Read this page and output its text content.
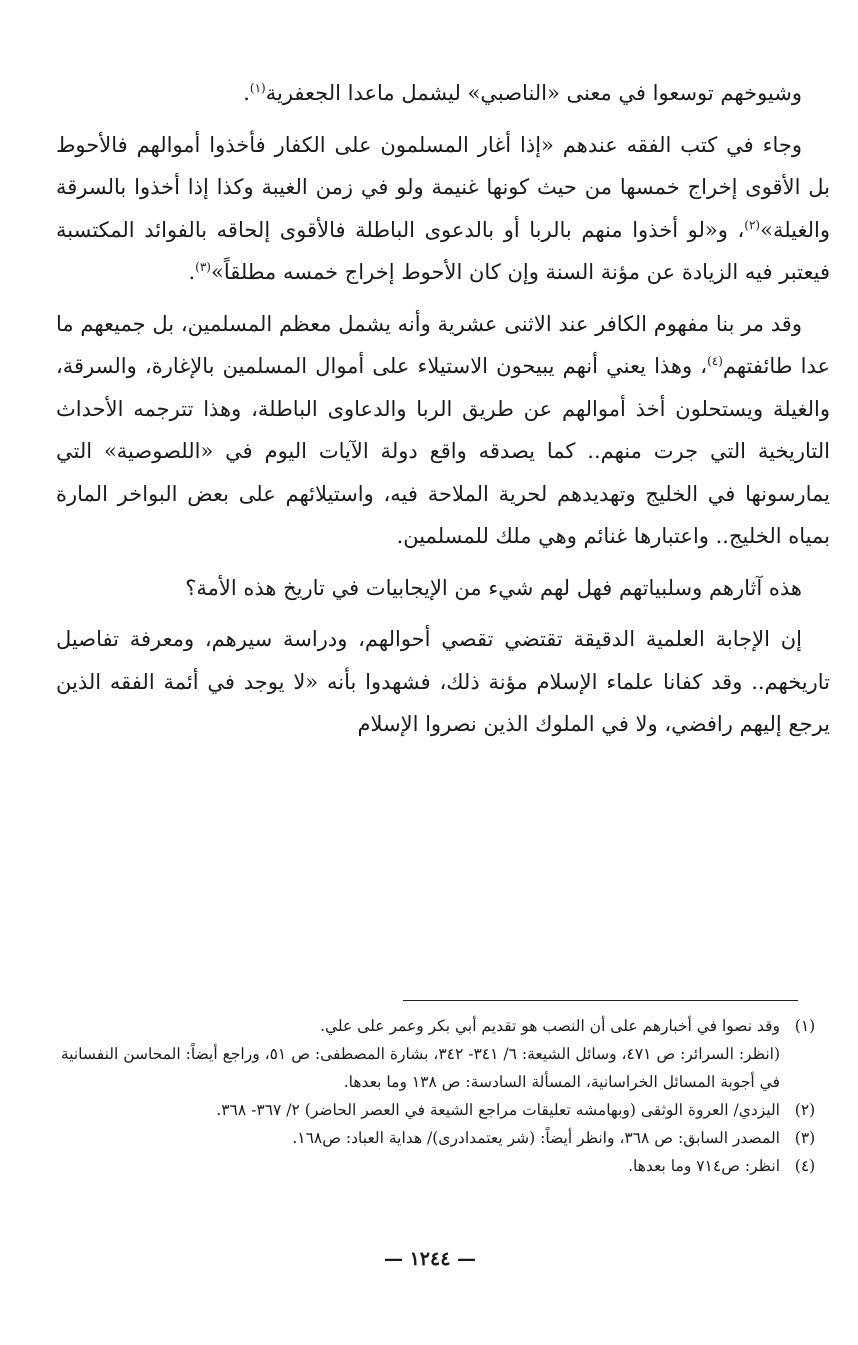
وشيوخهم توسعوا في معنى «الناصبي» ليشمل ماعدا الجعفرية$^{(١)}$.

وجاء في كتب الفقه عندهم «إذا أغار المسلمون على الكفار فأخذوا أموالهم فالأحوط بل الأقوى إخراج خمسها من حيث كونها غنيمة ولو في زمن الغيبة وكذا إذا أخذوا بالسرقة والغيلة»$^{(٢)}$، و«لو أخذوا منهم بالربا أو بالدعوى الباطلة فالأقوى إلحاقه بالفوائد المكتسبة فيعتبر فيه الزيادة عن مؤنة السنة وإن كان الأحوط إخراج خمسه مطلقاً»$^{(٣)}$.

وقد مر بنا مفهوم الكافر عند الاثنى عشرية وأنه يشمل معظم المسلمين، بل جميعهم ما عدا طائفتهم$^{(٤)}$، وهذا يعني أنهم يبيحون الاستيلاء على أموال المسلمين بالإغارة، والسرقة، والغيلة ويستحلون أخذ أموالهم عن طريق الربا والدعاوى الباطلة، وهذا تترجمه الأحداث التاريخية التي جرت منهم.. كما يصدقه واقع دولة الآيات اليوم في «اللصوصية» التي يمارسونها في الخليج وتهديدهم لحرية الملاحة فيه، واستيلائهم على بعض البواخر المارة بمياه الخليج.. واعتبارها غنائم وهي ملك للمسلمين.

هذه آثارهم وسلبياتهم فهل لهم شيء من الإيجابيات في تاريخ هذه الأمة؟

إن الإجابة العلمية الدقيقة تقتضي تقصي أحوالهم، ودراسة سيرهم، ومعرفة تفاصيل تاريخهم.. وقد كفانا علماء الإسلام مؤنة ذلك، فشهدوا بأنه «لا يوجد في أئمة الفقه الذين يرجع إليهم رافضي، ولا في الملوك الذين نصروا الإسلام

(١)
وقد نصوا في أخبارهم على أن النصب هو تقديم أبي بكر وعمر على علي.
(انظر: السرائر: ص ٤٧١، وسائل الشيعة: ٦/ ٣٤١- ٣٤٢، بشارة المصطفى: ص ٥١، وراجع أيضاً: المحاسن النفسانية في أجوبة المسائل الخراسانية، المسألة السادسة: ص ١٣٨ وما بعدها.
(٢)
اليزدي/ العروة الوثقى (وبهامشه تعليقات مراجع الشيعة في العصر الحاضر) ٢/ ٣٦٧- ٣٦٨.
(٣)
المصدر السابق: ص ٣٦٨، وانظر أيضاً: (شر يعتمدادرى)/ هداية العباد: ص١٦٨.
(٤)
انظر: ص٧١٤ وما بعدها.
— ١٢٤٤ —
